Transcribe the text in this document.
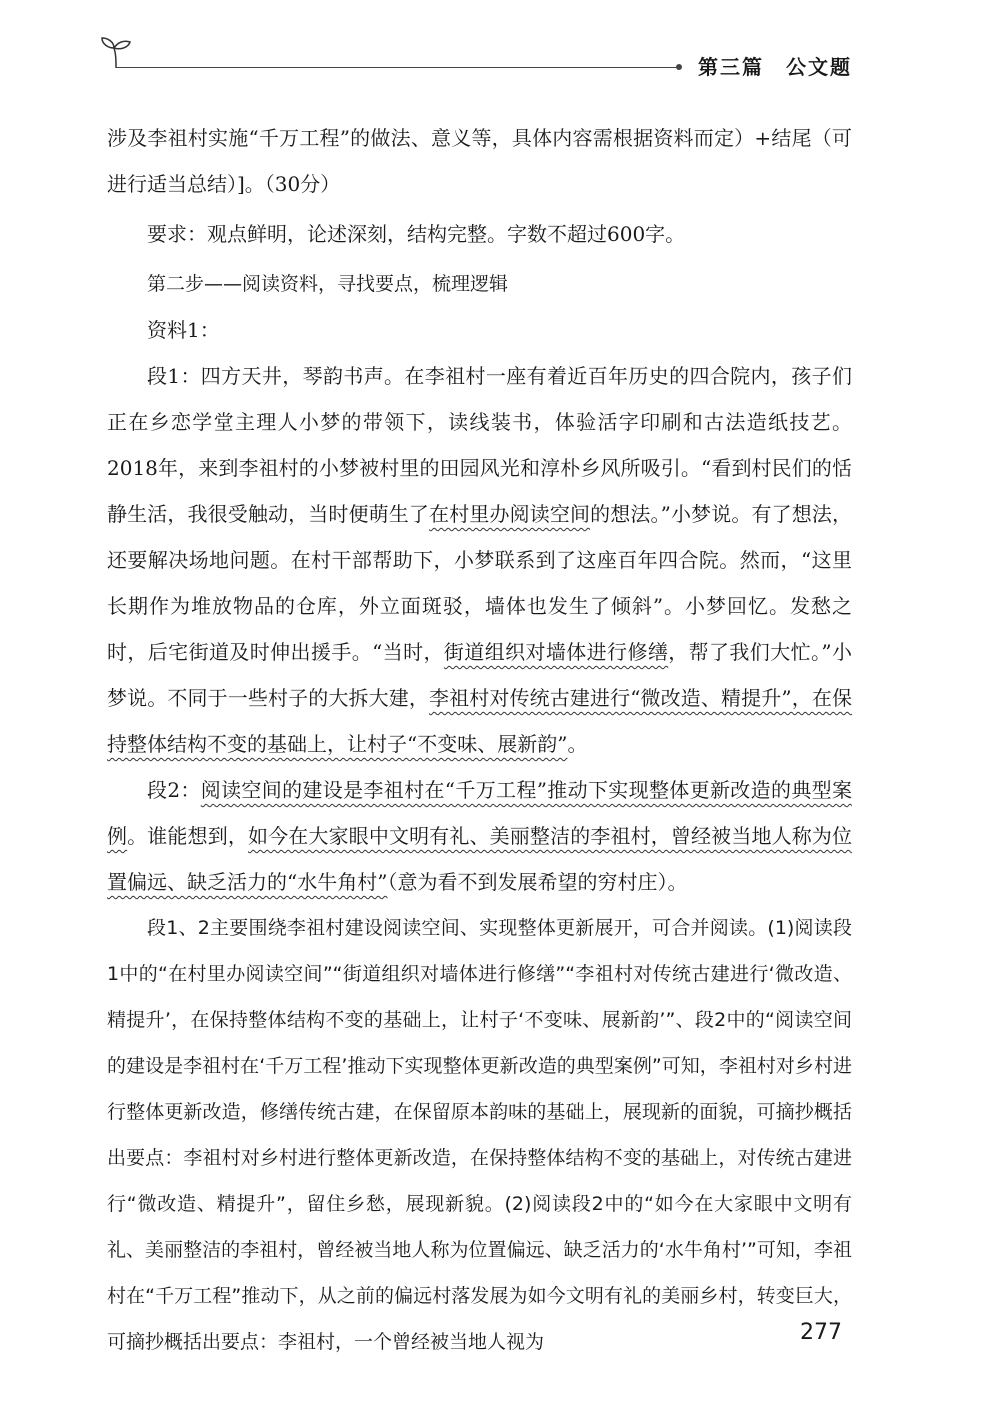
第三篇　公文题

涉及李祖村实施“千万工程”的做法、意义等，具体内容需根据资料而定）+结尾（可进行适当总结）]。（30分）

要求：观点鲜明，论述深刻，结构完整。字数不超过600字。

第二步——阅读资料，寻找要点，梳理逻辑

资料1：

段1：四方天井，琴韵书声。在李祖村一座有着近百年历史的四合院内，孩子们正在乡恋学堂主理人小梦的带领下，读线装书，体验活字印刷和古法造纸技艺。2018年，来到李祖村的小梦被村里的田园风光和淳朴乡风所吸引。“看到村民们的恬静生活，我很受触动，当时便萌生了在村里办阅读空间的想法。”小梦说。有了想法，还要解决场地问题。在村干部帮助下，小梦联系到了这座百年四合院。然而，“这里长期作为堆放物品的仓库，外立面斑驳，墙体也发生了倾斜”。小梦回忆。发愁之时，后宅街道及时伸出援手。“当时，街道组织对墙体进行修缮，帮了我们大忙。”小梦说。不同于一些村子的大拆大建，李祖村对传统古建进行“微改造、精提升”，在保持整体结构不变的基础上，让村子“不变味、展新韵”。

段2：阅读空间的建设是李祖村在“千万工程”推动下实现整体更新改造的典型案例。谁能想到，如今在大家眼中文明有礼、美丽整洁的李祖村，曾经被当地人称为位置偏远、缺乏活力的“水牛角村”（意为看不到发展希望的穷村庄）。

段1、2主要围绕李祖村建设阅读空间、实现整体更新展开，可合并阅读。(1)阅读段1中的“在村里办阅读空间”“街道组织对墙体进行修缮”“李祖村对传统古建进行‘微改造、精提升’，在保持整体结构不变的基础上，让村子‘不变味、展新韵’”、段2中的“阅读空间的建设是李祖村在‘千万工程’推动下实现整体更新改造的典型案例”可知，李祖村对乡村进行整体更新改造，修缮传统古建，在保留原本韵味的基础上，展现新的面貌，可摘抄概括出要点：李祖村对乡村进行整体更新改造，在保持整体结构不变的基础上，对传统古建进行“微改造、精提升”，留住乡愁，展现新貌。(2)阅读段2中的“如今在大家眼中文明有礼、美丽整洁的李祖村，曾经被当地人称为位置偏远、缺乏活力的‘水牛角村’”可知，李祖村在“千万工程”推动下，从之前的偏远村落发展为如今文明有礼的美丽乡村，转变巨大，可摘抄概括出要点：李祖村，一个曾经被当地人视为	277
